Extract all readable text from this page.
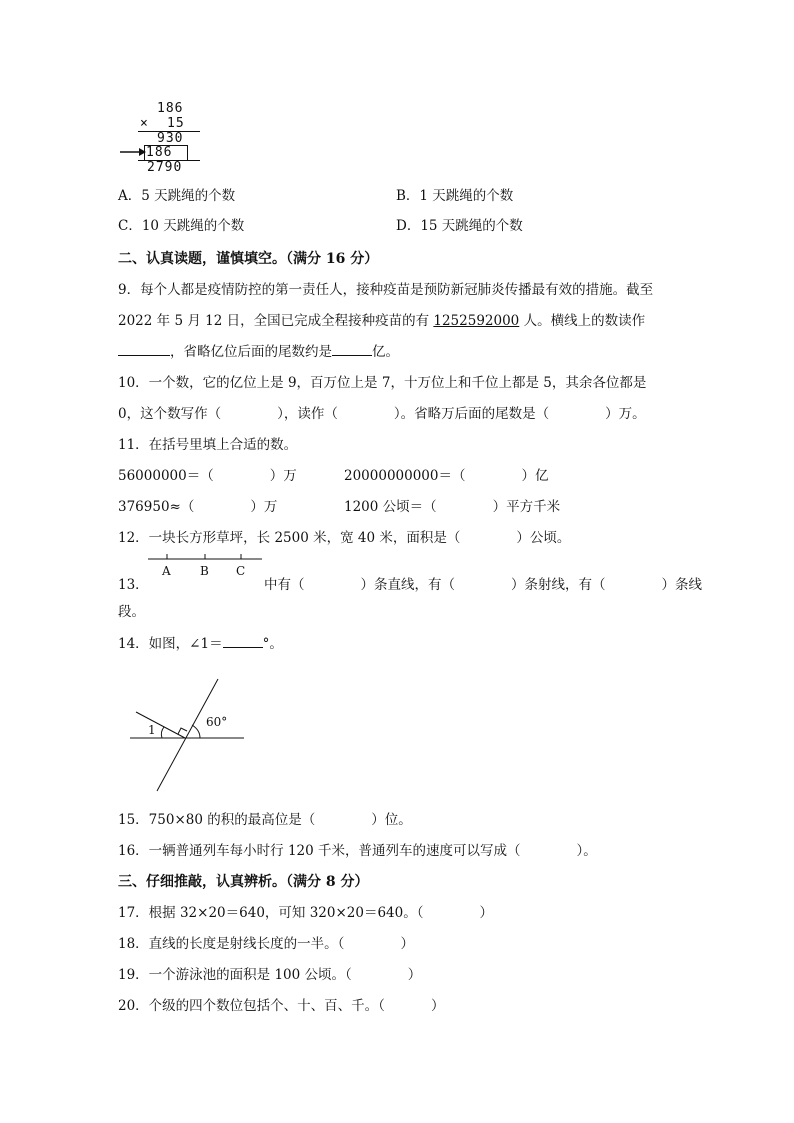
186
× 15
930
186
2790
A．5 天跳绳的个数	B．1 天跳绳的个数
C．10 天跳绳的个数	D．15 天跳绳的个数
二、认真读题，谨慎填空。（满分 16 分）
9．每个人都是疫情防控的第一责任人，接种疫苗是预防新冠肺炎传播最有效的措施。截至
2022 年 5 月 12 日，全国已完成全程接种疫苗的有 1252592000 人。横线上的数读作
，省略亿位后面的尾数约是	亿。
10．一个数，它的亿位上是 9，百万位上是 7，十万位上和千位上都是 5，其余各位都是
0，这个数写作（	），读作（	）。省略万后面的尾数是（	）万。
11．在括号里填上合适的数。
56000000＝（	）万	20000000000＝（	）亿
376950≈（	）万	1200 公顷＝（	）平方千米
12．一块长方形草坪，长 2500 米，宽 40 米，面积是（	）公顷。
A B C
13．	中有（	）条直线，有（	）条射线，有（	）条线
段。
14．如图，∠1＝	°。
1
60°
15．750×80 的积的最高位是（	）位。
16．一辆普通列车每小时行 120 千米，普通列车的速度可以写成（	）。
三、仔细推敲，认真辨析。（满分 8 分）
17．根据 32×20＝640，可知 320×20＝640。（	）
18．直线的长度是射线长度的一半。（	）
19．一个游泳池的面积是 100 公顷。（	）
20．个级的四个数位包括个、十、百、千。（	）
